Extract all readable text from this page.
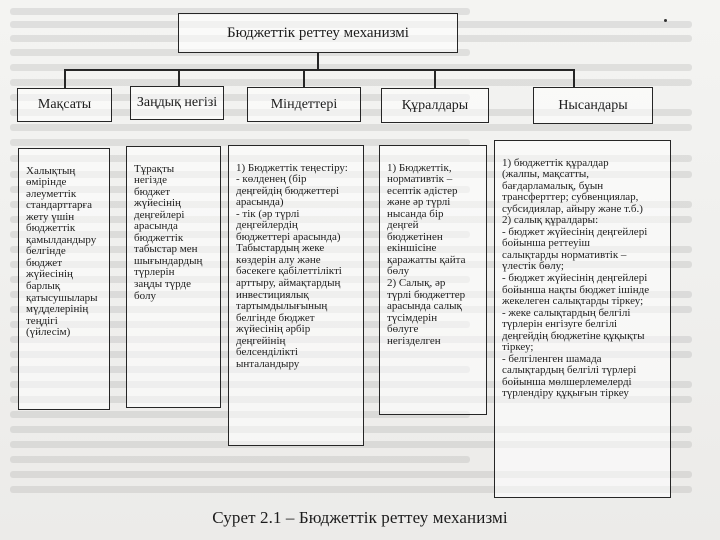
Бюджеттік реттеу механизмі
Мақсаты	Заңдық негізі	Міндеттері	Құралдары	Нысандары

Халықтың
өмірінде
әлеуметтік
стандарттарға
жету үшін
бюджеттік
қамылдандыру
белгінде
бюджет
жүйесінің
барлық
қатысушылары
мүдделерінің
теңдігі
(үйлесім)

Тұрақты
негізде
бюджет
жүйесінің
деңгейлері
арасында
бюджеттік
табыстар мен
шығындардың
түрлерін
заңды түрде
болу

1) Бюджеттік теңестіру:
- көлденең (бір
деңгейдің бюджеттері
арасында)
- тік (әр түрлі
деңгейлердің
бюджеттері арасында)
Табыстардың жеке
көздерін алу және
бәсекеге қабілеттілікті
арттыру, аймақтардың
инвестициялық
тартымдылығының
белгінде бюджет
жүйесінің әрбір
деңгейінің
белсенділікті
ынталандыру

1) Бюджеттік,
нормативтік –
есептік әдістер
және әр түрлі
нысанда бір
деңгей
бюджетінен
екіншісіне
қаражатты қайта
бөлу
2) Салық, әр
түрлі бюджеттер
арасында салық
түсімдерін
бөлуге
негізделген

1) бюджеттік құралдар
(жалпы, мақсатты,
бағдарламалық, бұын
трансферттер; субвенциялар,
субсидиялар, айыру және т.б.)
2) салық құралдары:
- бюджет жүйесінің деңгейлері
бойынша реттеуіш
салықтарды нормативтік –
үлестік бөлу;
- бюджет жүйесінің деңгейлері
бойынша нақты бюджет ішінде
жекелеген салықтарды тіркеу;
- жеке салықтардың белгілі
түрлерін енгізуге белгілі
деңгейдің бюджетіне құқықты
тіркеу;
- белгіленген шамада
салықтардың белгілі түрлері
бойынша мөлшерлемелерді
түрлендіру құқығын тіркеу

Сурет 2.1 – Бюджеттік реттеу механизмі
